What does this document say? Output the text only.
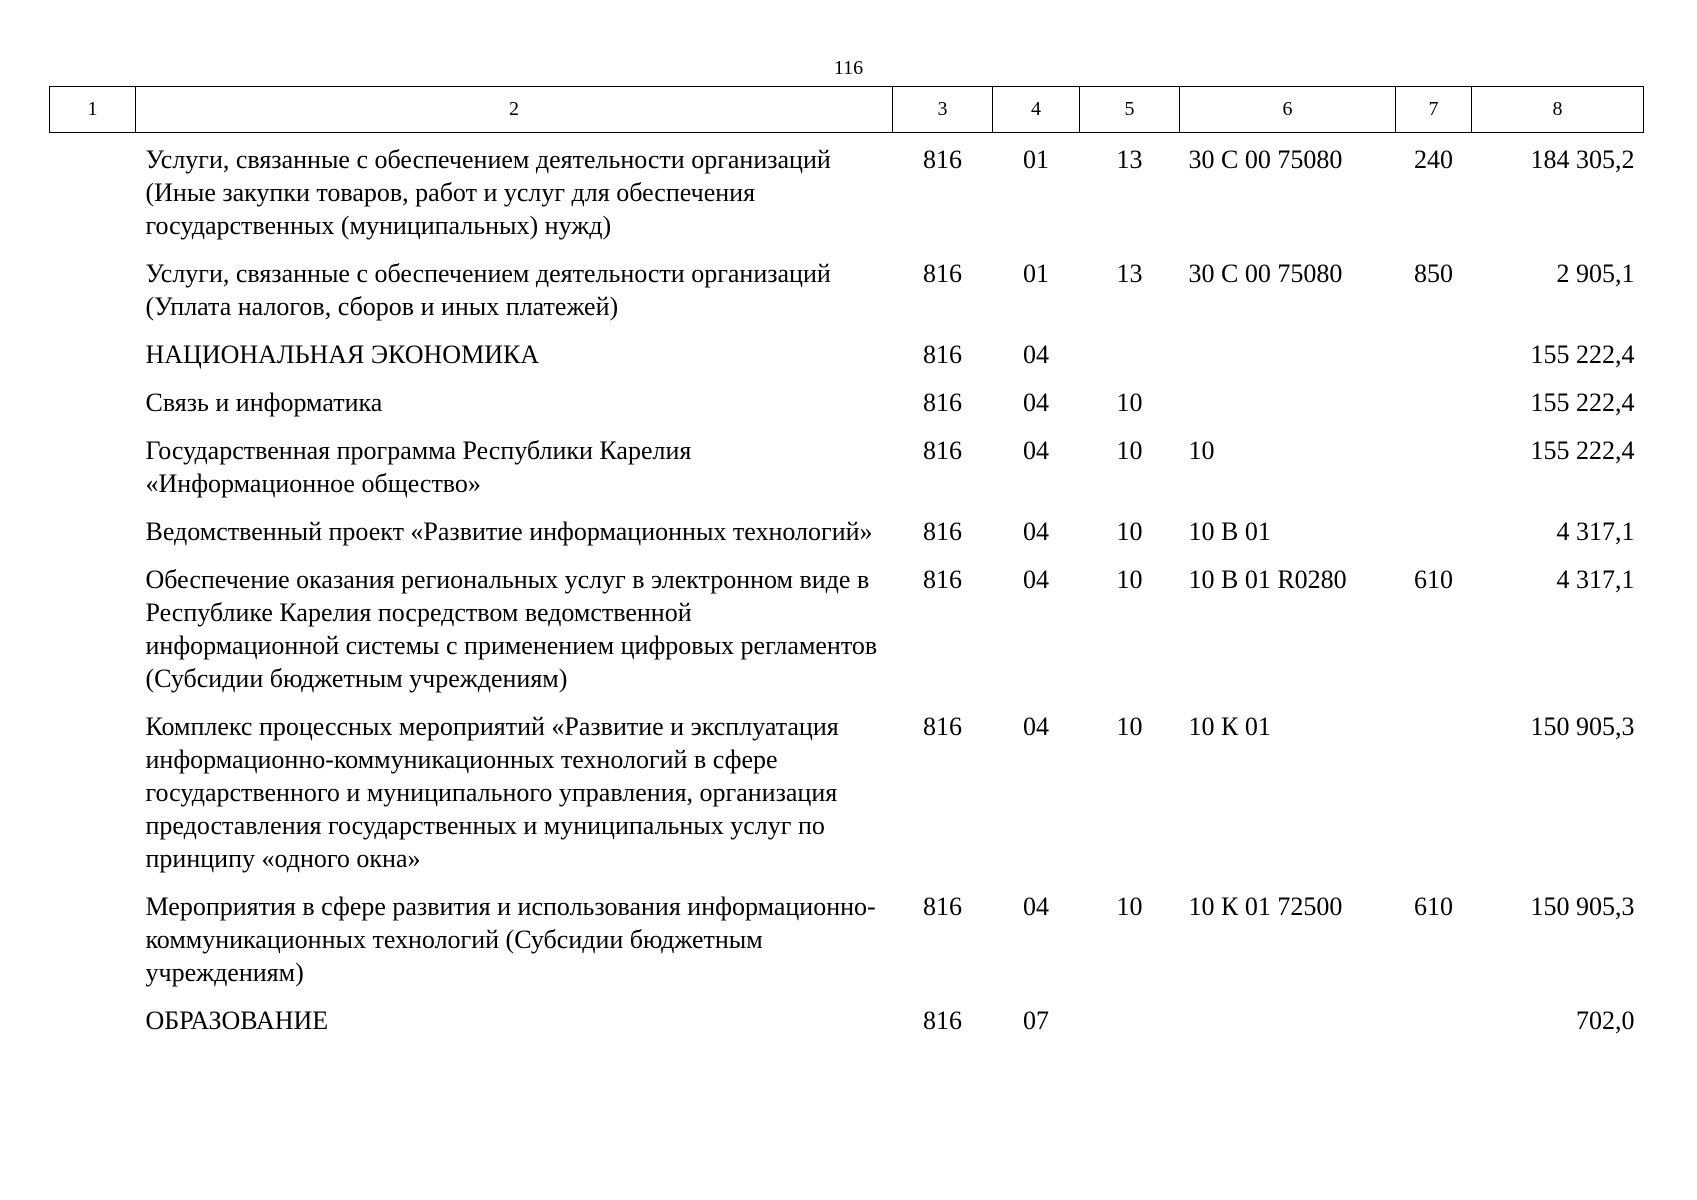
116
1	2	3	4	5	6	7	8
	Услуги, связанные с обеспечением деятельности организаций (Иные закупки товаров, работ и услуг для обеспечения государственных (муниципальных) нужд)	816	01	13	30 С 00 75080	240	184 305,2
	Услуги, связанные с обеспечением деятельности организаций (Уплата налогов, сборов и иных платежей)	816	01	13	30 С 00 75080	850	2 905,1
	НАЦИОНАЛЬНАЯ ЭКОНОМИКА	816	04				155 222,4
	Связь и информатика	816	04	10			155 222,4
	Государственная программа Республики Карелия «Информационное общество»	816	04	10	10		155 222,4
	Ведомственный проект «Развитие информационных технологий»	816	04	10	10 В 01		4 317,1
	Обеспечение оказания региональных услуг в электронном виде в Республике Карелия посредством ведомственной информационной системы с применением цифровых регламентов (Субсидии бюджетным учреждениям)	816	04	10	10 В 01 R0280	610	4 317,1
	Комплекс процессных мероприятий «Развитие и эксплуатация информационно-коммуникационных технологий в сфере государственного и муниципального управления, организация предоставления государственных и муниципальных услуг по принципу «одного окна»	816	04	10	10 К 01		150 905,3
	Мероприятия в сфере развития и использования информационно-коммуникационных технологий (Субсидии бюджетным учреждениям)	816	04	10	10 К 01 72500	610	150 905,3
	ОБРАЗОВАНИЕ	816	07				702,0
